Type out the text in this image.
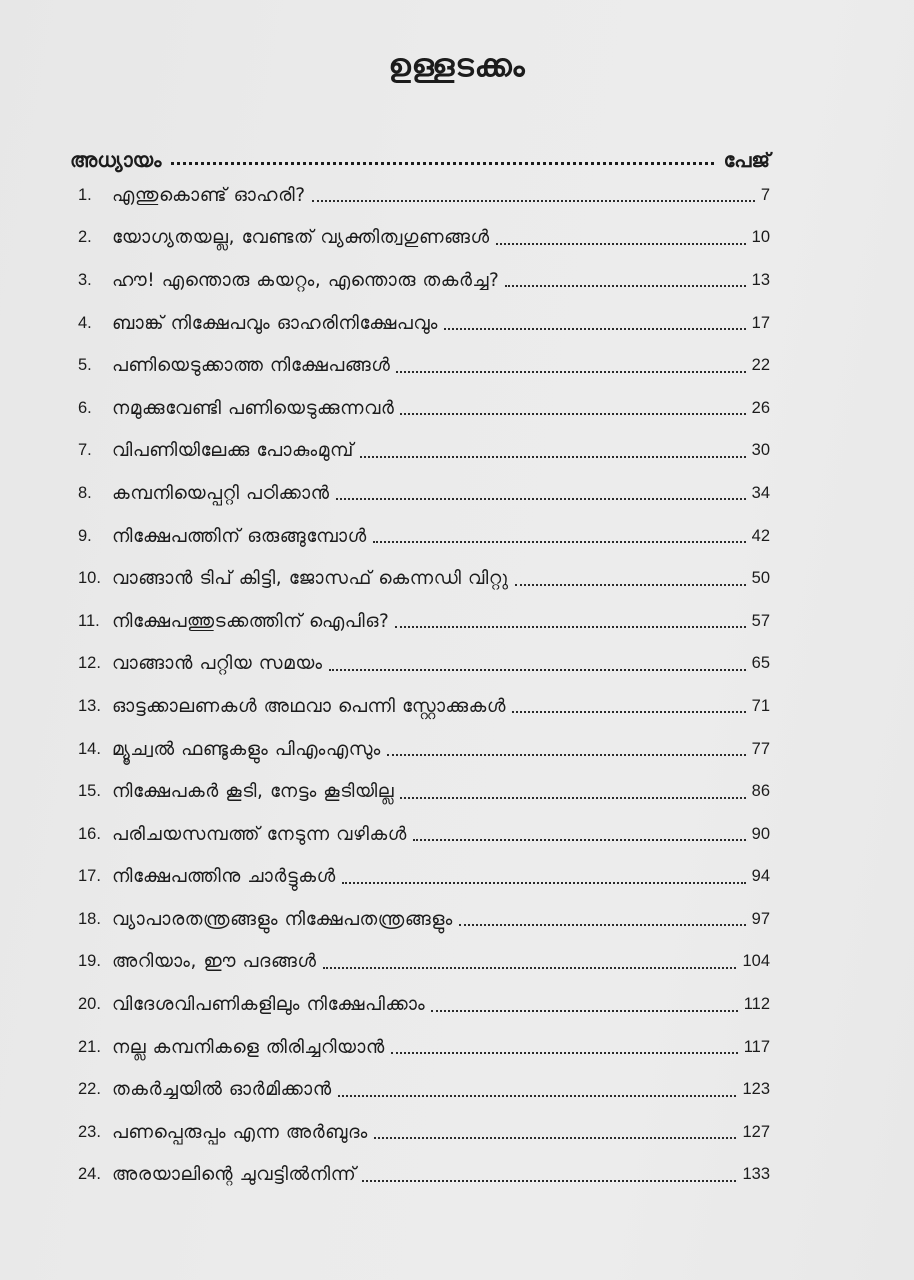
ഉള്ളടക്കം
അധ്യായം	പേജ്
1.	എന്തുകൊണ്ട് ഓഹരി?	7
2.	യോഗ്യതയല്ല, വേണ്ടത് വ്യക്തിത്വഗുണങ്ങൾ	10
3.	ഹൗ! എന്തൊരു കയറ്റം, എന്തൊരു തകർച്ച?	13
4.	ബാങ്ക് നിക്ഷേപവും ഓഹരിനിക്ഷേപവും	17
5.	പണിയെടുക്കാത്ത നിക്ഷേപങ്ങൾ	22
6.	നമുക്കുവേണ്ടി പണിയെടുക്കുന്നവർ	26
7.	വിപണിയിലേക്കു പോകുംമുമ്പ്	30
8.	കമ്പനിയെപ്പറ്റി പഠിക്കാൻ	34
9.	നിക്ഷേപത്തിന് ഒരുങ്ങുമ്പോൾ	42
10. വാങ്ങാൻ ടിപ് കിട്ടി, ജോസഫ് കെന്നഡി വിറ്റു	50
11. നിക്ഷേപത്തുടക്കത്തിന് ഐപിഒ?	57
12. വാങ്ങാൻ പറ്റിയ സമയം	65
13. ഓട്ടക്കാലണകൾ അഥവാ പെന്നി സ്റ്റോക്കുകൾ	71
14. മ്യൂച്വൽ ഫണ്ടുകളും പിഎംഎസും	77
15. നിക്ഷേപകർ കൂടി, നേട്ടം കൂടിയില്ല	86
16. പരിചയസമ്പത്ത് നേടുന്ന വഴികൾ	90
17. നിക്ഷേപത്തിനു ചാർട്ടുകൾ	94
18. വ്യാപാരതന്ത്രങ്ങളും നിക്ഷേപതന്ത്രങ്ങളും	97
19. അറിയാം, ഈ പദങ്ങൾ	104
20. വിദേശവിപണികളിലും നിക്ഷേപിക്കാം	112
21. നല്ല കമ്പനികളെ തിരിച്ചറിയാൻ	117
22. തകർച്ചയിൽ ഓർമിക്കാൻ	123
23. പണപ്പെരുപ്പം എന്ന അർബുദം	127
24. അരയാലിന്റെ ചുവട്ടിൽനിന്ന്	133
